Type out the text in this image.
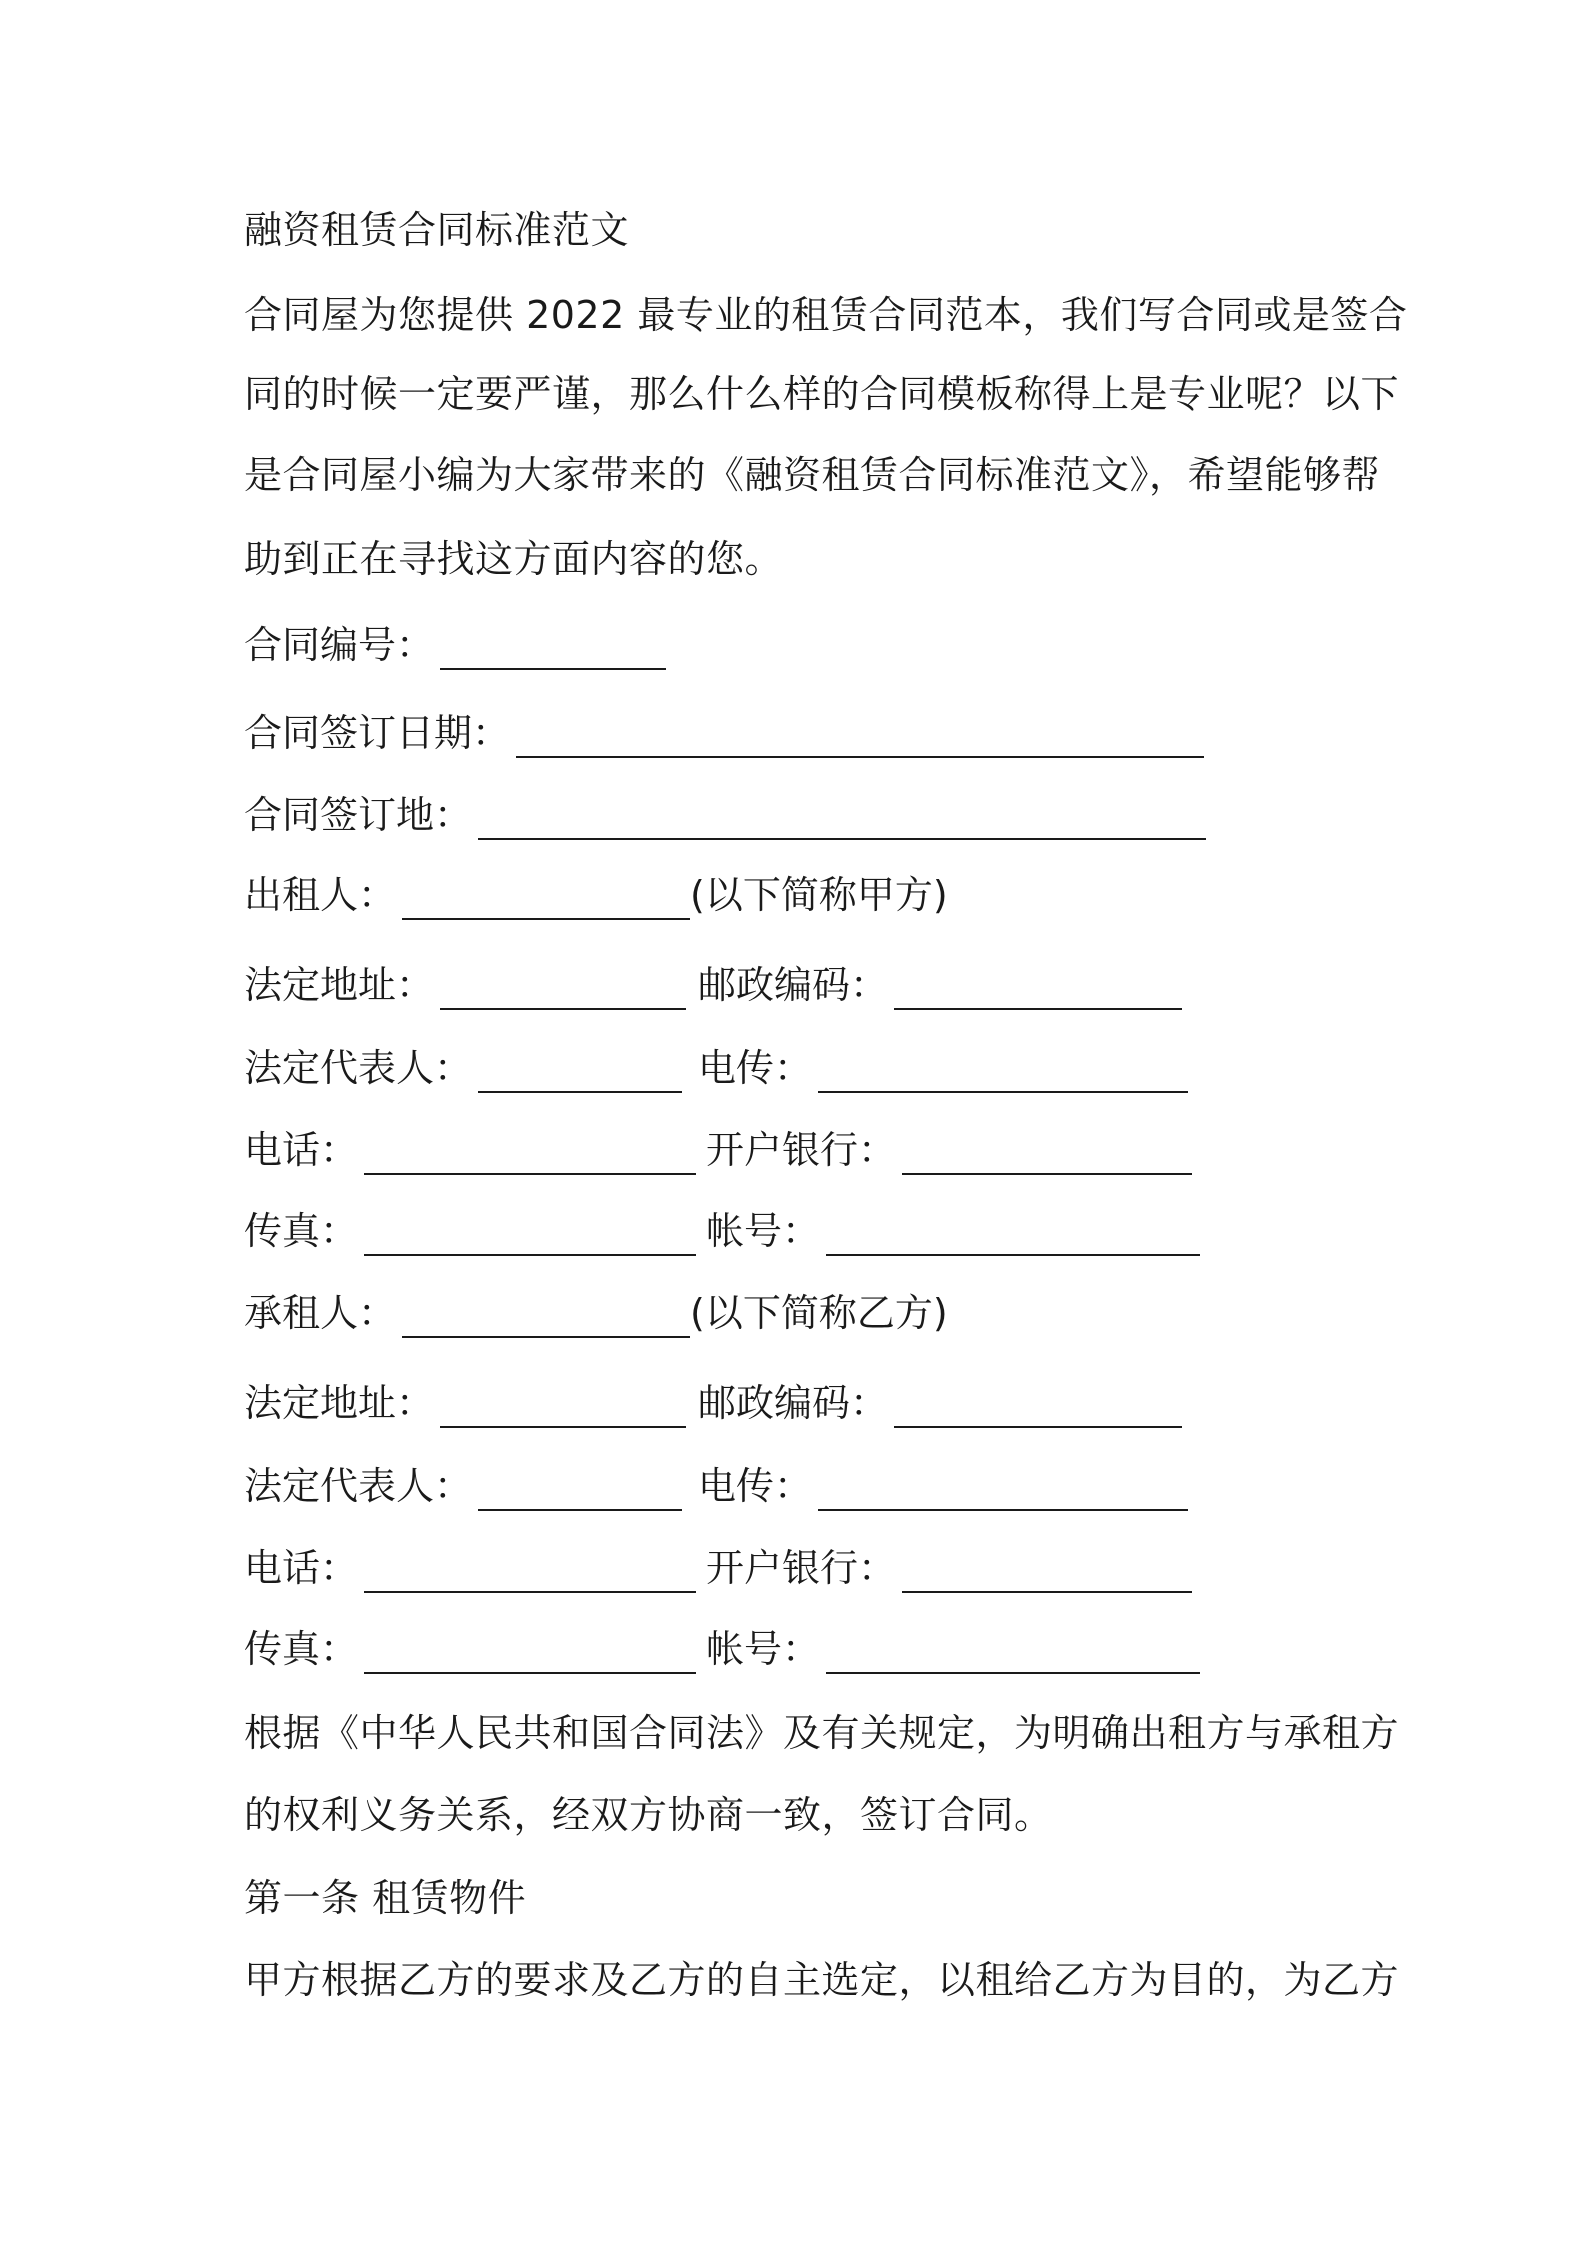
融资租赁合同标准范文
合同屋为您提供 2022 最专业的租赁合同范本，我们写合同或是签合
同的时候一定要严谨，那么什么样的合同模板称得上是专业呢？以下
是合同屋小编为大家带来的《融资租赁合同标准范文》，希望能够帮
助到正在寻找这方面内容的您。
合同编号：
合同签订日期：
合同签订地：
出租人：	(以下简称甲方)
法定地址：	邮政编码：
法定代表人：	电传：
电话：	开户银行：
传真：	帐号：
承租人：	(以下简称乙方)
法定地址：	邮政编码：
法定代表人：	电传：
电话：	开户银行：
传真：	帐号：
根据《中华人民共和国合同法》及有关规定，为明确出租方与承租方
的权利义务关系，经双方协商一致，签订合同。
第一条 租赁物件
甲方根据乙方的要求及乙方的自主选定，以租给乙方为目的，为乙方
